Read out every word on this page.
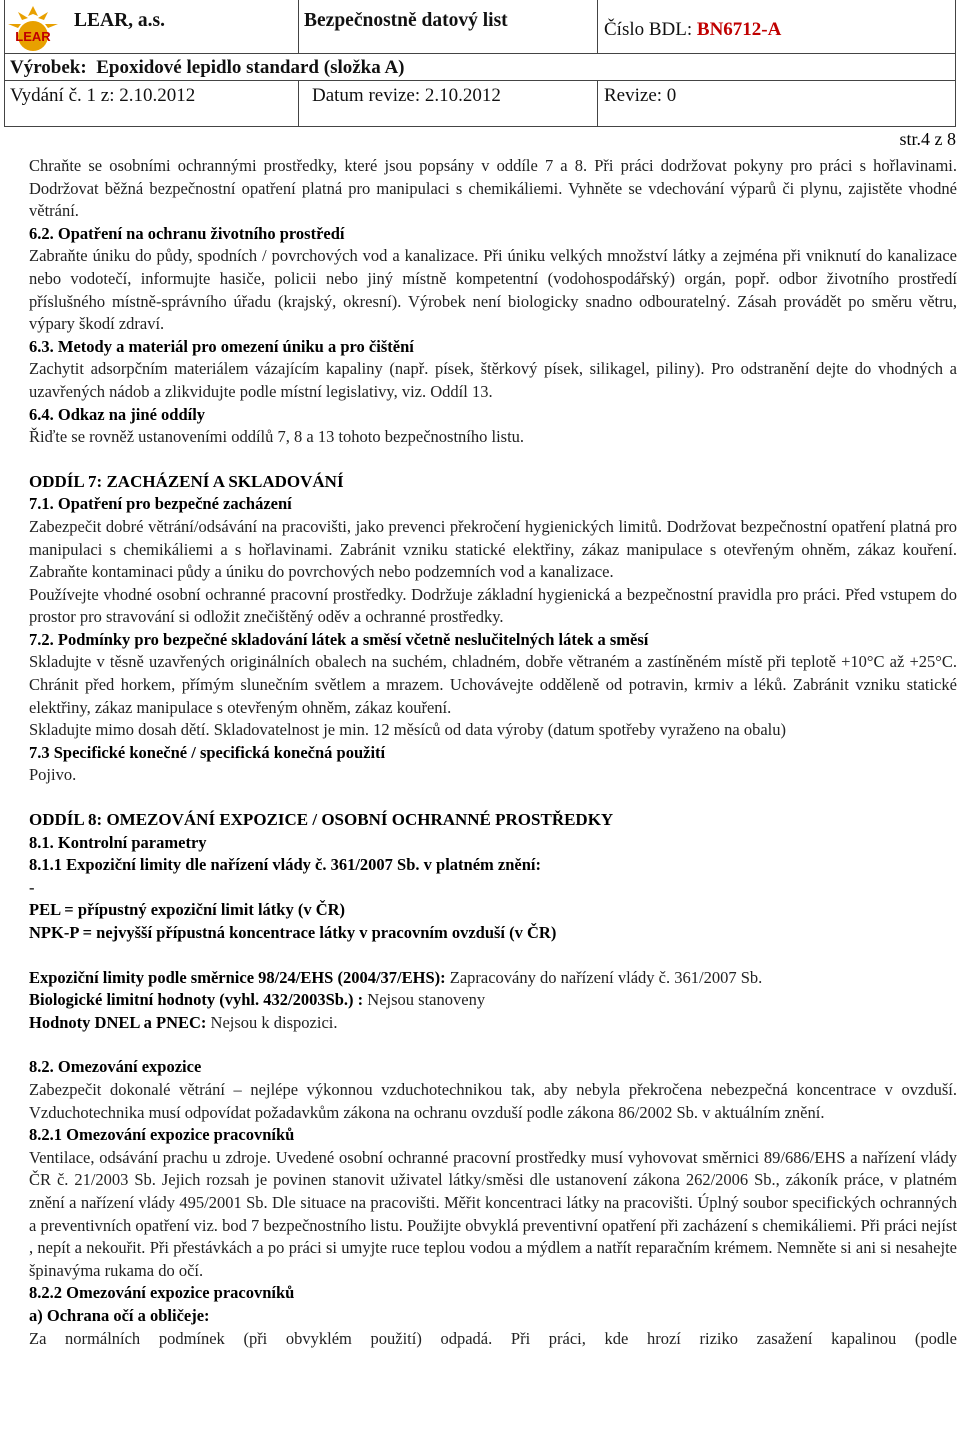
LEAR
LEAR, a.s.	Bezpečnostně datový list	Číslo BDL: BN6712-A
Výrobek: Epoxidové lepidlo standard (složka A)
Vydání č. 1 z: 2.10.2012	Datum revize: 2.10.2012	Revize: 0
str.4 z 8

Chraňte se osobními ochrannými prostředky, které jsou popsány v oddíle 7 a 8. Při práci dodržovat pokyny pro práci s hořlavinami. Dodržovat běžná bezpečnostní opatření platná pro manipulaci s chemikáliemi. Vyhněte se vdechování výparů či plynu, zajistěte vhodné větrání.

6.2. Opatření na ochranu životního prostředí

Zabraňte úniku do půdy, spodních / povrchových vod a kanalizace. Při úniku velkých množství látky a zejména při vniknutí do kanalizace nebo vodotečí, informujte hasiče, policii nebo jiný místně kompetentní (vodohospodářský) orgán, popř. odbor životního prostředí příslušného místně-správního úřadu (krajský, okresní). Výrobek není biologicky snadno odbouratelný. Zásah provádět po směru větru, výpary škodí zdraví.

6.3. Metody a materiál pro omezení úniku a pro čištění

Zachytit adsorpčním materiálem vázajícím kapaliny (např. písek, štěrkový písek, silikagel, piliny). Pro odstranění dejte do vhodných a uzavřených nádob a zlikvidujte podle místní legislativy, viz. Oddíl 13.

6.4. Odkaz na jiné oddíly

Řiďte se rovněž ustanoveními oddílů 7, 8 a 13 tohoto bezpečnostního listu.

ODDÍL 7: ZACHÁZENÍ A SKLADOVÁNÍ

7.1. Opatření pro bezpečné zacházení

Zabezpečit dobré větrání/odsávání na pracovišti, jako prevenci překročení hygienických limitů. Dodržovat bezpečnostní opatření platná pro manipulaci s chemikáliemi a s hořlavinami. Zabránit vzniku statické elektřiny, zákaz manipulace s otevřeným ohněm, zákaz kouření. Zabraňte kontaminaci půdy a úniku do povrchových nebo podzemních vod a kanalizace.

Používejte vhodné osobní ochranné pracovní prostředky. Dodržuje základní hygienická a bezpečnostní pravidla pro práci. Před vstupem do prostor pro stravování si odložit znečištěný oděv a ochranné prostředky.

7.2. Podmínky pro bezpečné skladování látek a směsí včetně neslučitelných látek a směsí

Skladujte v těsně uzavřených originálních obalech na suchém, chladném, dobře větraném a zastíněném místě při teplotě +10°C až +25°C. Chránit před horkem, přímým slunečním světlem a mrazem. Uchovávejte odděleně od potravin, krmiv a léků. Zabránit vzniku statické elektřiny, zákaz manipulace s otevřeným ohněm, zákaz kouření.

Skladujte mimo dosah dětí. Skladovatelnost je min. 12 měsíců od data výroby (datum spotřeby vyraženo na obalu)

7.3 Specifické konečné / specifická konečná použití

Pojivo.

ODDÍL 8: OMEZOVÁNÍ EXPOZICE / OSOBNÍ OCHRANNÉ PROSTŘEDKY

8.1. Kontrolní parametry

8.1.1 Expoziční limity dle nařízení vlády č. 361/2007 Sb. v platném znění:

-

PEL = přípustný expoziční limit látky (v ČR)

NPK-P = nejvyšší přípustná koncentrace látky v pracovním ovzduší (v ČR)

Expoziční limity podle směrnice 98/24/EHS (2004/37/EHS): Zapracovány do nařízení vlády č. 361/2007 Sb.

Biologické limitní hodnoty (vyhl. 432/2003Sb.) : Nejsou stanoveny

Hodnoty DNEL a PNEC: Nejsou k dispozici.

8.2. Omezování expozice

Zabezpečit dokonalé větrání – nejlépe výkonnou vzduchotechnikou tak, aby nebyla překročena nebezpečná koncentrace v ovzduší. Vzduchotechnika musí odpovídat požadavkům zákona na ochranu ovzduší podle zákona 86/2002 Sb. v aktuálním znění.

8.2.1 Omezování expozice pracovníků

Ventilace, odsávání prachu u zdroje. Uvedené osobní ochranné pracovní prostředky musí vyhovovat směrnici 89/686/EHS a nařízení vlády ČR č. 21/2003 Sb. Jejich rozsah je povinen stanovit uživatel látky/směsi dle ustanovení zákona 262/2006 Sb., zákoník práce, v platném znění a nařízení vlády 495/2001 Sb. Dle situace na pracovišti. Měřit koncentraci látky na pracovišti. Úplný soubor specifických ochranných a preventivních opatření viz. bod 7 bezpečnostního listu. Použijte obvyklá preventivní opatření při zacházení s chemikáliemi. Při práci nejíst , nepít a nekouřit. Při přestávkách a po práci si umyjte ruce teplou vodou a mýdlem a natřít reparačním krémem. Nemněte si ani si nesahejte špinavýma rukama do očí.

8.2.2 Omezování expozice pracovníků

a) Ochrana očí a obličeje:

Za normálních podmínek (při obvyklém použití) odpadá. Při práci, kde hrozí riziko zasažení kapalinou (podle
